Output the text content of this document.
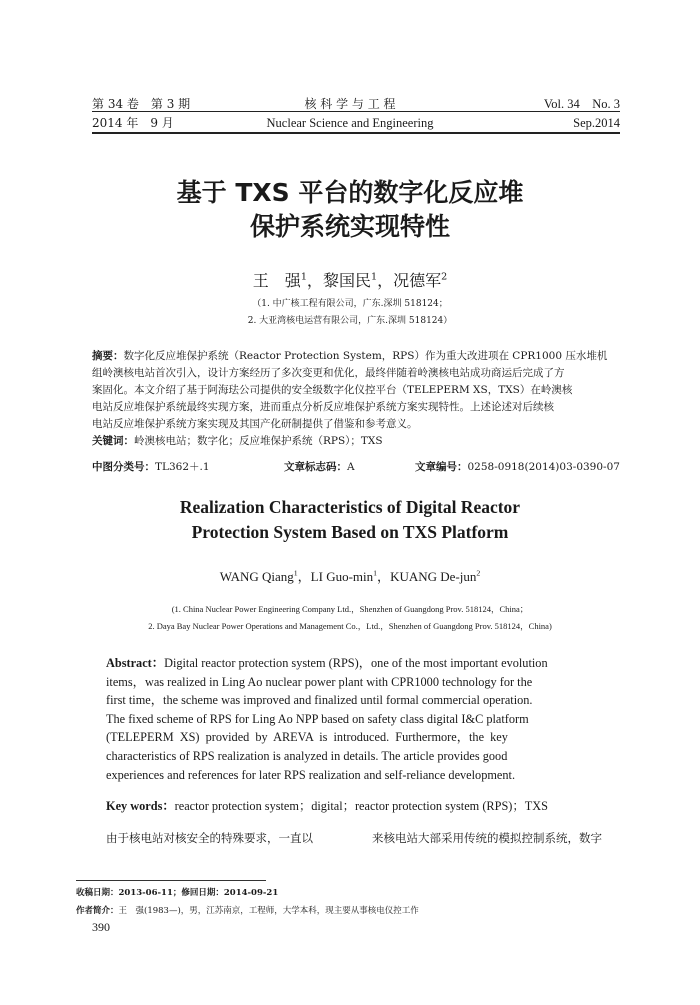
第 34 卷　第 3 期
2014 年　9 月
核 科 学 与 工 程
Nuclear Science and Engineering
Vol. 34　No. 3
Sep.2014
基于 TXS 平台的数字化反应堆
保护系统实现特性
王　强$^1$，黎国民$^1$，况德军$^2$
（1. 中广核工程有限公司，广东.深圳 518124；
2. 大亚湾核电运营有限公司，广东.深圳 518124）
摘要：数字化反应堆保护系统（Reactor Protection System，RPS）作为重大改进项在 CPR1000 压水堆机
组岭澳核电站首次引入，设计方案经历了多次变更和优化，最终伴随着岭澳核电站成功商运后完成了方
案固化。本文介绍了基于阿海珐公司提供的安全级数字化仪控平台（TELEPERM XS，TXS）在岭澳核
电站反应堆保护系统最终实现方案，进而重点分析反应堆保护系统方案实现特性。上述论述对后续核
电站反应堆保护系统方案实现及其国产化研制提供了借鉴和参考意义。
关键词：岭澳核电站；数字化；反应堆保护系统（RPS）；TXS
中图分类号：TL362＋.1	文章标志码：A	文章编号：0258-0918(2014)03-0390-07
Realization Characteristics of Digital Reactor
Protection System Based on TXS Platform
WANG Qiang$^1$，LI Guo-$\min^1$，KUANG De-jun$^2$
(1. China Nuclear Power Engineering Company Ltd.，Shenzhen of Guangdong Prov. 518124，China；
2. Daya Bay Nuclear Power Operations and Management Co.，Ltd.，Shenzhen of Guangdong Prov. 518124，China)
Abstract：Digital reactor protection system (RPS)，one of the most important evolution
items，was realized in Ling Ao nuclear power plant with CPR1000 technology for the
first time，the scheme was improved and finalized until formal commercial operation.
The fixed scheme of RPS for Ling Ao NPP based on safety class digital I&C platform
(TELEPERM XS) provided by AREVA is introduced. Furthermore，the key
characteristics of RPS realization is analyzed in details. The article provides good
experiences and references for later RPS realization and self-reliance development.
Key words：reactor protection system；digital；reactor protection system (RPS)；TXS
由于核电站对核安全的特殊要求，一直以	来核电站大部采用传统的模拟控制系统，数字
收稿日期：2013-06-11；修回日期：2014-09-21
作者简介：王　强(1983—)，男，江苏南京，工程师，大学本科，现主要从事核电仪控工作
390
